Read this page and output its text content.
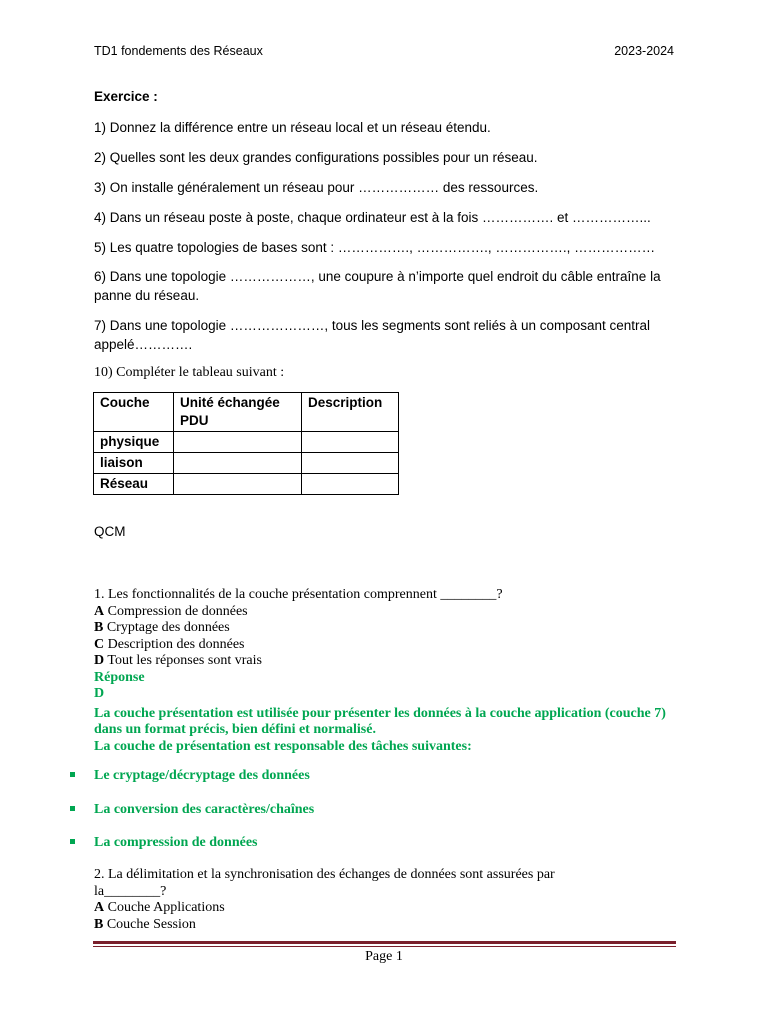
TD1 fondements des Réseaux	2023-2024
Exercice :
1) Donnez la différence entre un réseau local et un réseau étendu.
2) Quelles sont les deux grandes configurations possibles pour un réseau.
3) On installe généralement un réseau pour ……………… des ressources.
4) Dans un réseau poste à poste, chaque ordinateur est à la fois ……………. et ……………...
5) Les quatre topologies de bases sont : ……………., ……………., ……………., ………………
6) Dans une topologie ………………, une coupure à n’importe quel endroit du câble entraîne la panne du réseau.
7) Dans une topologie …………………, tous les segments sont reliés à un composant central appelé………….
10) Compléter le tableau suivant :
Couche	Unité échangée PDU	Description
physique		
liaison		
Réseau		
QCM
1. Les fonctionnalités de la couche présentation comprennent ________?
A Compression de données
B Cryptage des données
C Description des données
D Tout les réponses sont vrais
Réponse
D
La couche présentation est utilisée pour présenter les données à la couche application (couche 7) dans un format précis, bien défini et normalisé.
La couche de présentation est responsable des tâches suivantes:
Le cryptage/décryptage des données
La conversion des caractères/chaînes
La compression de données
2. La délimitation et la synchronisation des échanges de données sont assurées par la________?
A Couche Applications
B Couche Session
Page 1
